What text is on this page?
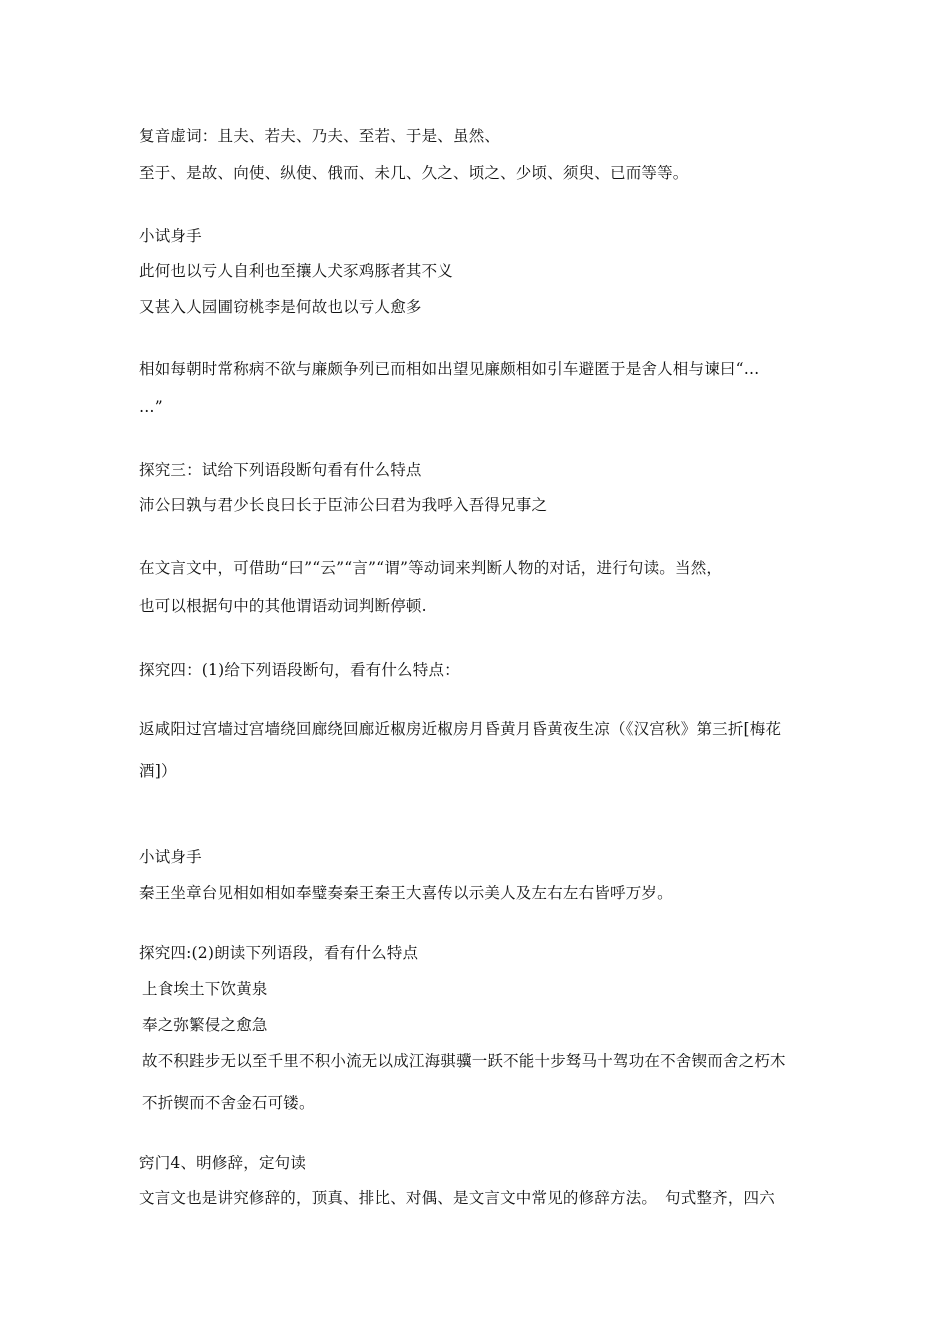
复音虚词：且夫、若夫、乃夫、至若、于是、虽然、
至于、是故、向使、纵使、俄而、未几、久之、顷之、少顷、须臾、已而等等。
小试身手
此何也以亏人自利也至攘人犬豕鸡豚者其不义
又甚入人园圃窃桃李是何故也以亏人愈多
相如每朝时常称病不欲与廉颇争列已而相如出望见廉颇相如引车避匿于是舍人相与谏曰“…
…”
探究三：试给下列语段断句看有什么特点
沛公曰孰与君少长良曰长于臣沛公曰君为我呼入吾得兄事之
在文言文中，可借助“曰”“云”“言”“谓”等动词来判断人物的对话，进行句读。当然，
也可以根据句中的其他谓语动词判断停顿.
探究四：(1)给下列语段断句，看有什么特点：
返咸阳过宫墙过宫墙绕回廊绕回廊近椒房近椒房月昏黄月昏黄夜生凉（《汉宫秋》第三折[梅花
酒]）
小试身手
秦王坐章台见相如相如奉璧奏秦王秦王大喜传以示美人及左右左右皆呼万岁。
探究四:(2)朗读下列语段，看有什么特点
上食埃土下饮黄泉
奉之弥繁侵之愈急
故不积跬步无以至千里不积小流无以成江海骐骥一跃不能十步驽马十驾功在不舍锲而舍之朽木
不折锲而不舍金石可镂。
窍门4、明修辞，定句读
文言文也是讲究修辞的，顶真、排比、对偶、是文言文中常见的修辞方法。　句式整齐，四六
